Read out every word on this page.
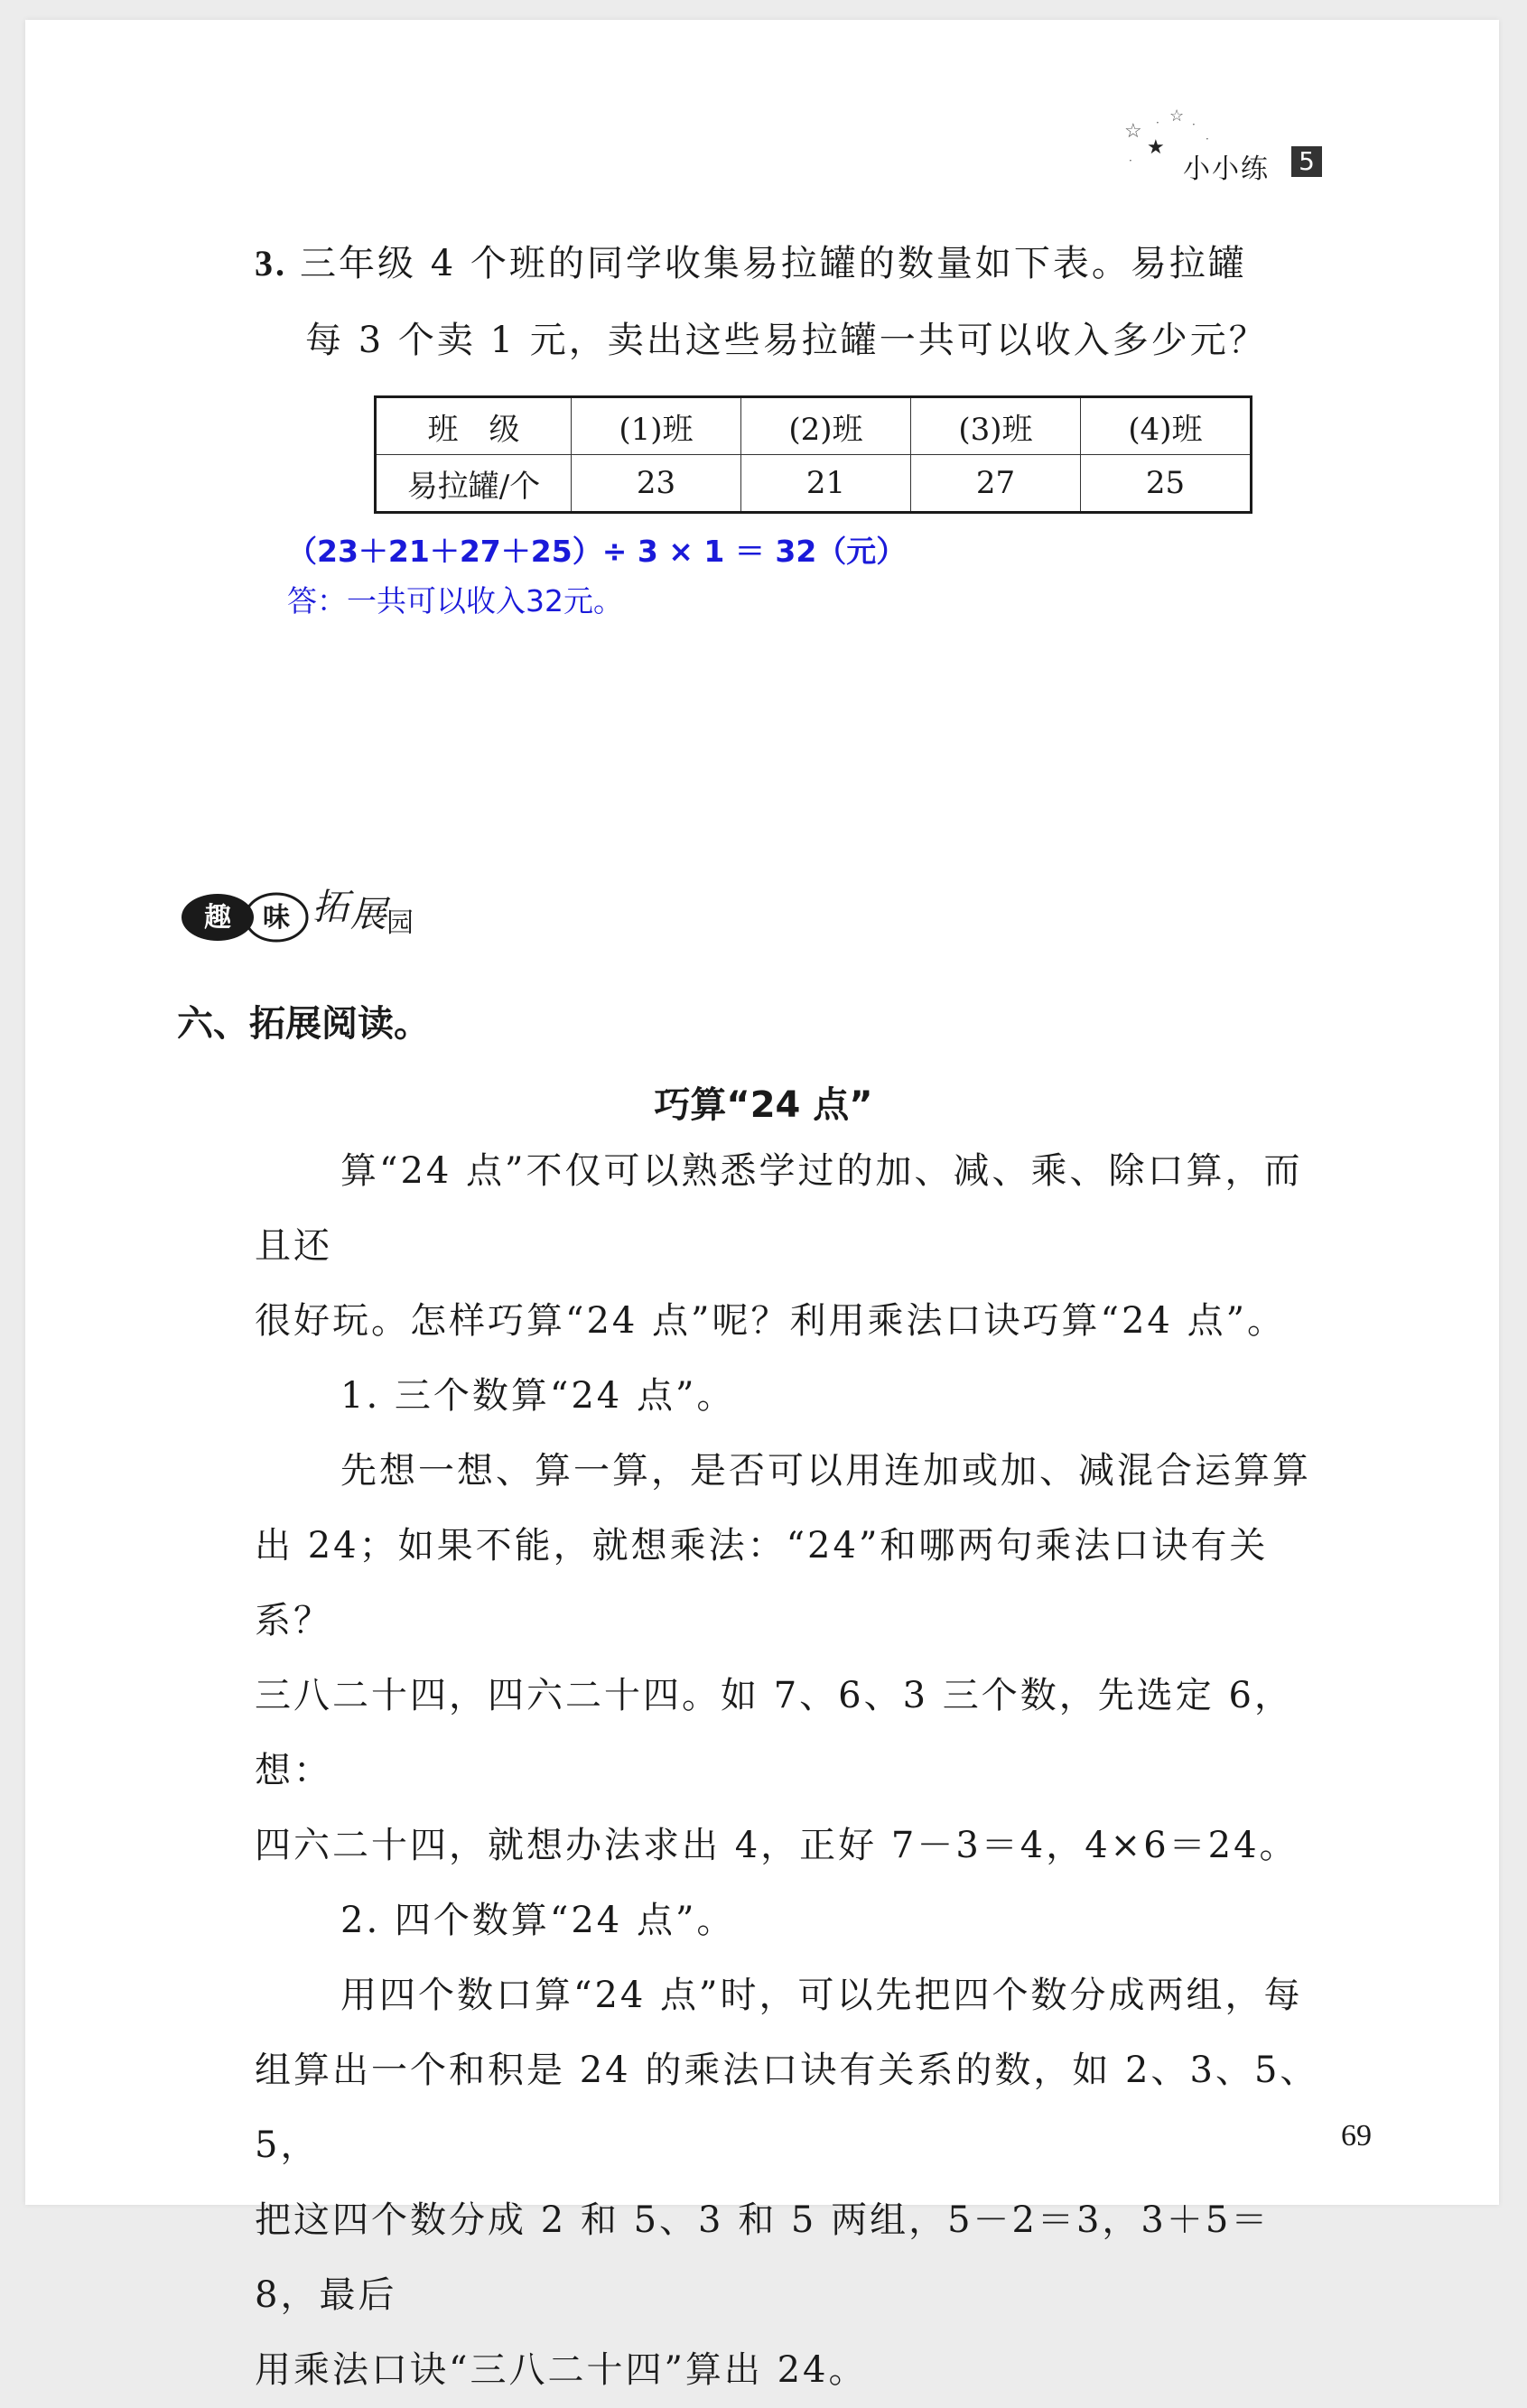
☆ · ☆ ·
★
·
·
小小练 5
3. 三年级 4 个班的同学收集易拉罐的数量如下表。易拉罐
每 3 个卖 1 元，卖出这些易拉罐一共可以收入多少元？
班　级	(1)班	(2)班	(3)班	(4)班
易拉罐/个	23	21	27	25
（23＋21＋27＋25）÷ 3 × 1 ＝ 32（元）
答：一共可以收入32元。
趣 味 拓 展 园
六、拓展阅读。
巧算“24 点”
算“24 点”不仅可以熟悉学过的加、减、乘、除口算，而且还
很好玩。怎样巧算“24 点”呢？利用乘法口诀巧算“24 点”。
1. 三个数算“24 点”。
先想一想、算一算，是否可以用连加或加、减混合运算算
出 24；如果不能，就想乘法：“24”和哪两句乘法口诀有关系？
三八二十四，四六二十四。如 7、6、3 三个数，先选定 6，想：
四六二十四，就想办法求出 4，正好 7－3＝4，4×6＝24。
2. 四个数算“24 点”。
用四个数口算“24 点”时，可以先把四个数分成两组，每
组算出一个和积是 24 的乘法口诀有关系的数，如 2、3、5、5，
把这四个数分成 2 和 5、3 和 5 两组，5－2＝3，3＋5＝8，最后
用乘法口诀“三八二十四”算出 24。
69
